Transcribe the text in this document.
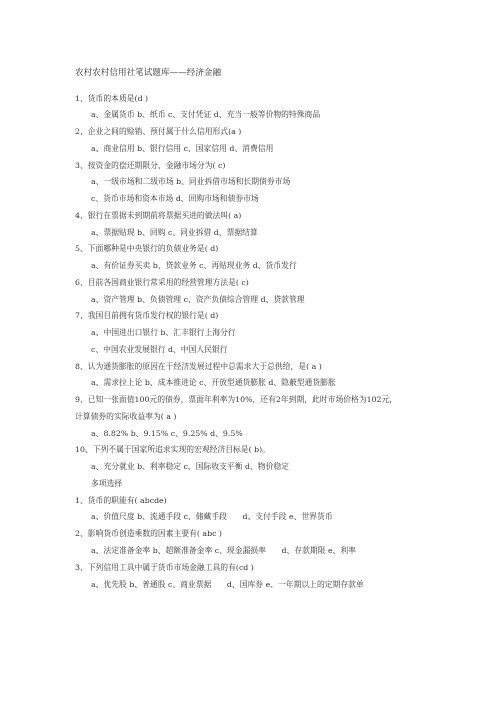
农村农村信用社笔试题库——经济金融
1、货币的本质是(d )
a、金属货币 b、纸币 c、支付凭证 d、充当一般等价物的特殊商品
2、企业之间的赊销、预付属于什么信用形式(a )
a、商业信用 b、银行信用 c、国家信用 d、消费信用
3、按资金的偿还期限分，金融市场分为( c)
a、一级市场和二级市场 b、同业拆借市场和长期债券市场
c、货币市场和资本市场 d、回购市场和债券市场
4、银行在票据未到期前将票据买进的做法叫( a)
a、票据贴现 b、回购 c、同业拆借 d、票据结算
5、下面哪种是中央银行的负债业务是( d)
a、有价证券买卖 b、贷款业务 c、再贴现业务 d、货币发行
6、目前各国商业银行常采用的经营管理方法是( c)
a、资产管理 b、负债管理 c、资产负债综合管理 d、贷款管理
7、我国目前拥有货币发行权的银行是( d)
a、中国进出口银行 b、汇丰银行上海分行
c、中国农业发展银行 d、中国人民银行
8、认为通货膨胀的原因在于经济发展过程中总需求大于总供给，是( a )
a、需求拉上论 b、成本推进论 c、开放型通货膨胀 d、隐蔽型通货膨胀
9、已知一张面值100元的债券，票面年利率为10%，还有2年到期，此时市场价格为102元，
计算债券的实际收益率为( a )
a、8.82% b、9.15% c、9.25% d、9.5%
10、下列不属于国家所追求实现的宏观经济目标是( b)。
a、充分就业 b、利率稳定 c、国际收支平衡 d、物价稳定
多项选择
1、货币的职能有( abcde)
a、价值尺度 b、流通手段 c、储藏手段　　d、支付手段 e、世界货币
2、影响货币创造乘数的因素主要有( abc )
a、法定准备金率 b、超额准备金率 c、现金漏损率　　d、存款期限 e、利率
3、下列信用工具中属于货币市场金融工具的有(cd )
a、优先股 b、普通股 c、商业票据　　d、国库券 e、一年期以上的定期存款单
